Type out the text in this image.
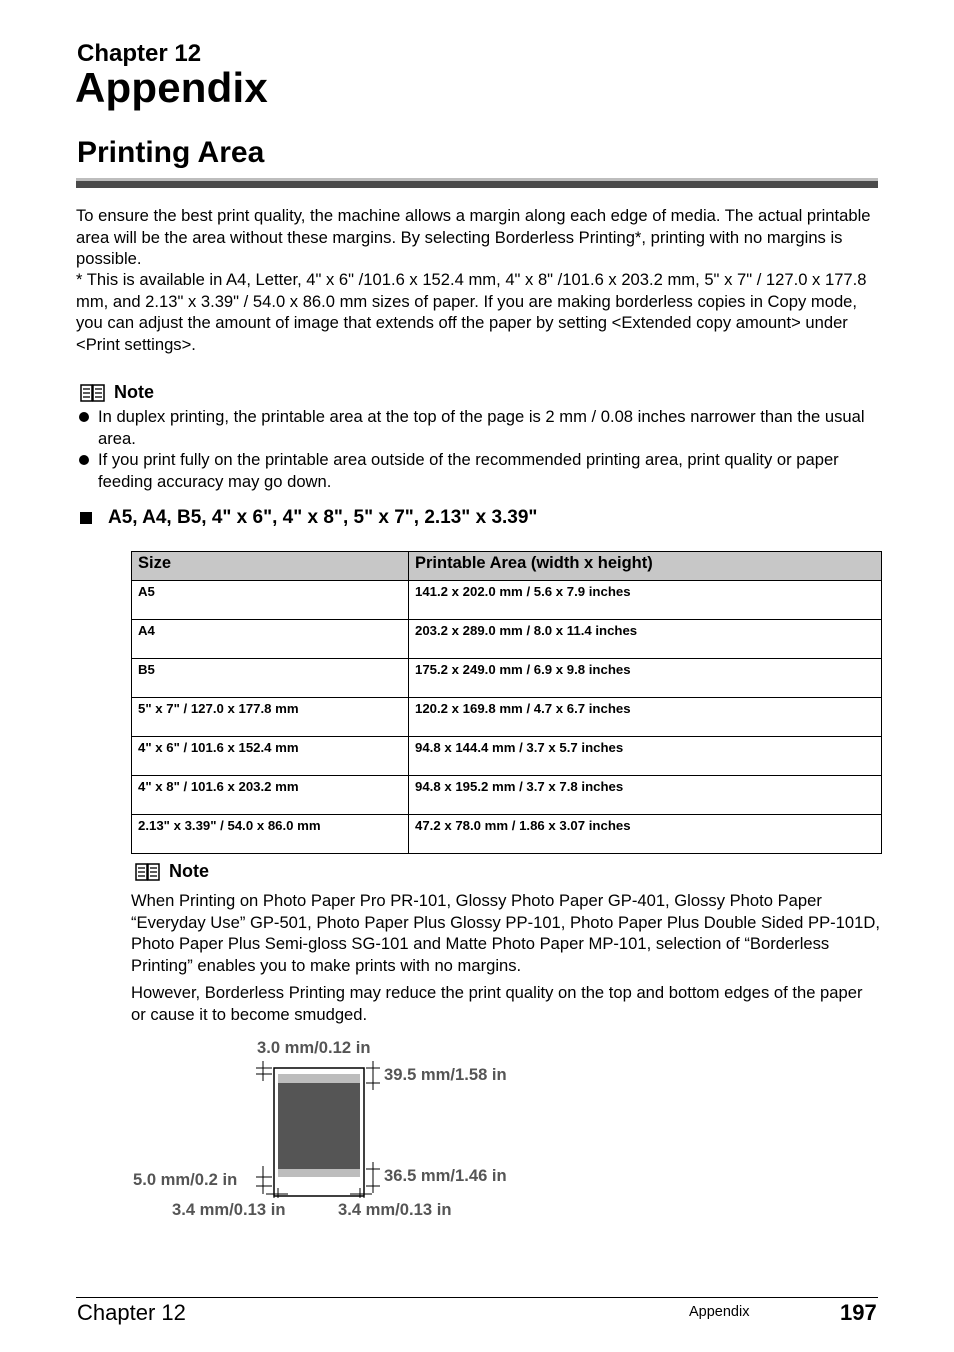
Chapter 12
Appendix
Printing Area
To ensure the best print quality, the machine allows a margin along each edge of media. The actual printable area will be the area without these margins. By selecting Borderless Printing*, printing with no margins is possible.
* This is available in A4, Letter, 4" x 6" /101.6 x 152.4 mm, 4" x 8" /101.6 x 203.2 mm, 5" x 7" / 127.0 x 177.8 mm, and 2.13" x 3.39" / 54.0 x 86.0 mm sizes of paper. If you are making borderless copies in Copy mode, you can adjust the amount of image that extends off the paper by setting <Extended copy amount> under <Print settings>.
Note
In duplex printing, the printable area at the top of the page is 2 mm / 0.08 inches narrower than the usual area.
If you print fully on the printable area outside of the recommended printing area, print quality or paper feeding accuracy may go down.
A5, A4, B5, 4" x 6", 4" x 8", 5" x 7", 2.13" x 3.39"
Size	Printable Area (width x height)
A5	141.2 x 202.0 mm / 5.6 x 7.9 inches
A4	203.2 x 289.0 mm / 8.0 x 11.4 inches
B5	175.2 x 249.0 mm / 6.9 x 9.8 inches
5" x 7" / 127.0 x 177.8 mm	120.2 x 169.8 mm / 4.7 x 6.7 inches
4" x 6" / 101.6 x 152.4 mm	94.8 x 144.4 mm / 3.7 x 5.7 inches
4" x 8" / 101.6 x 203.2 mm	94.8 x 195.2 mm / 3.7 x 7.8 inches
2.13" x 3.39" / 54.0 x 86.0 mm	47.2 x 78.0 mm / 1.86 x 3.07 inches
Note
When Printing on Photo Paper Pro PR-101, Glossy Photo Paper GP-401, Glossy Photo Paper “Everyday Use” GP-501, Photo Paper Plus Glossy PP-101, Photo Paper Plus Double Sided PP-101D, Photo Paper Plus Semi-gloss SG-101 and Matte Photo Paper MP-101, selection of “Borderless Printing” enables you to make prints with no margins.
However, Borderless Printing may reduce the print quality on the top and bottom edges of the paper or cause it to become smudged.
3.0 mm/0.12 in
39.5 mm/1.58 in
36.5 mm/1.46 in
5.0 mm/0.2 in
3.4 mm/0.13 in	3.4 mm/0.13 in
Chapter 12	Appendix	197
